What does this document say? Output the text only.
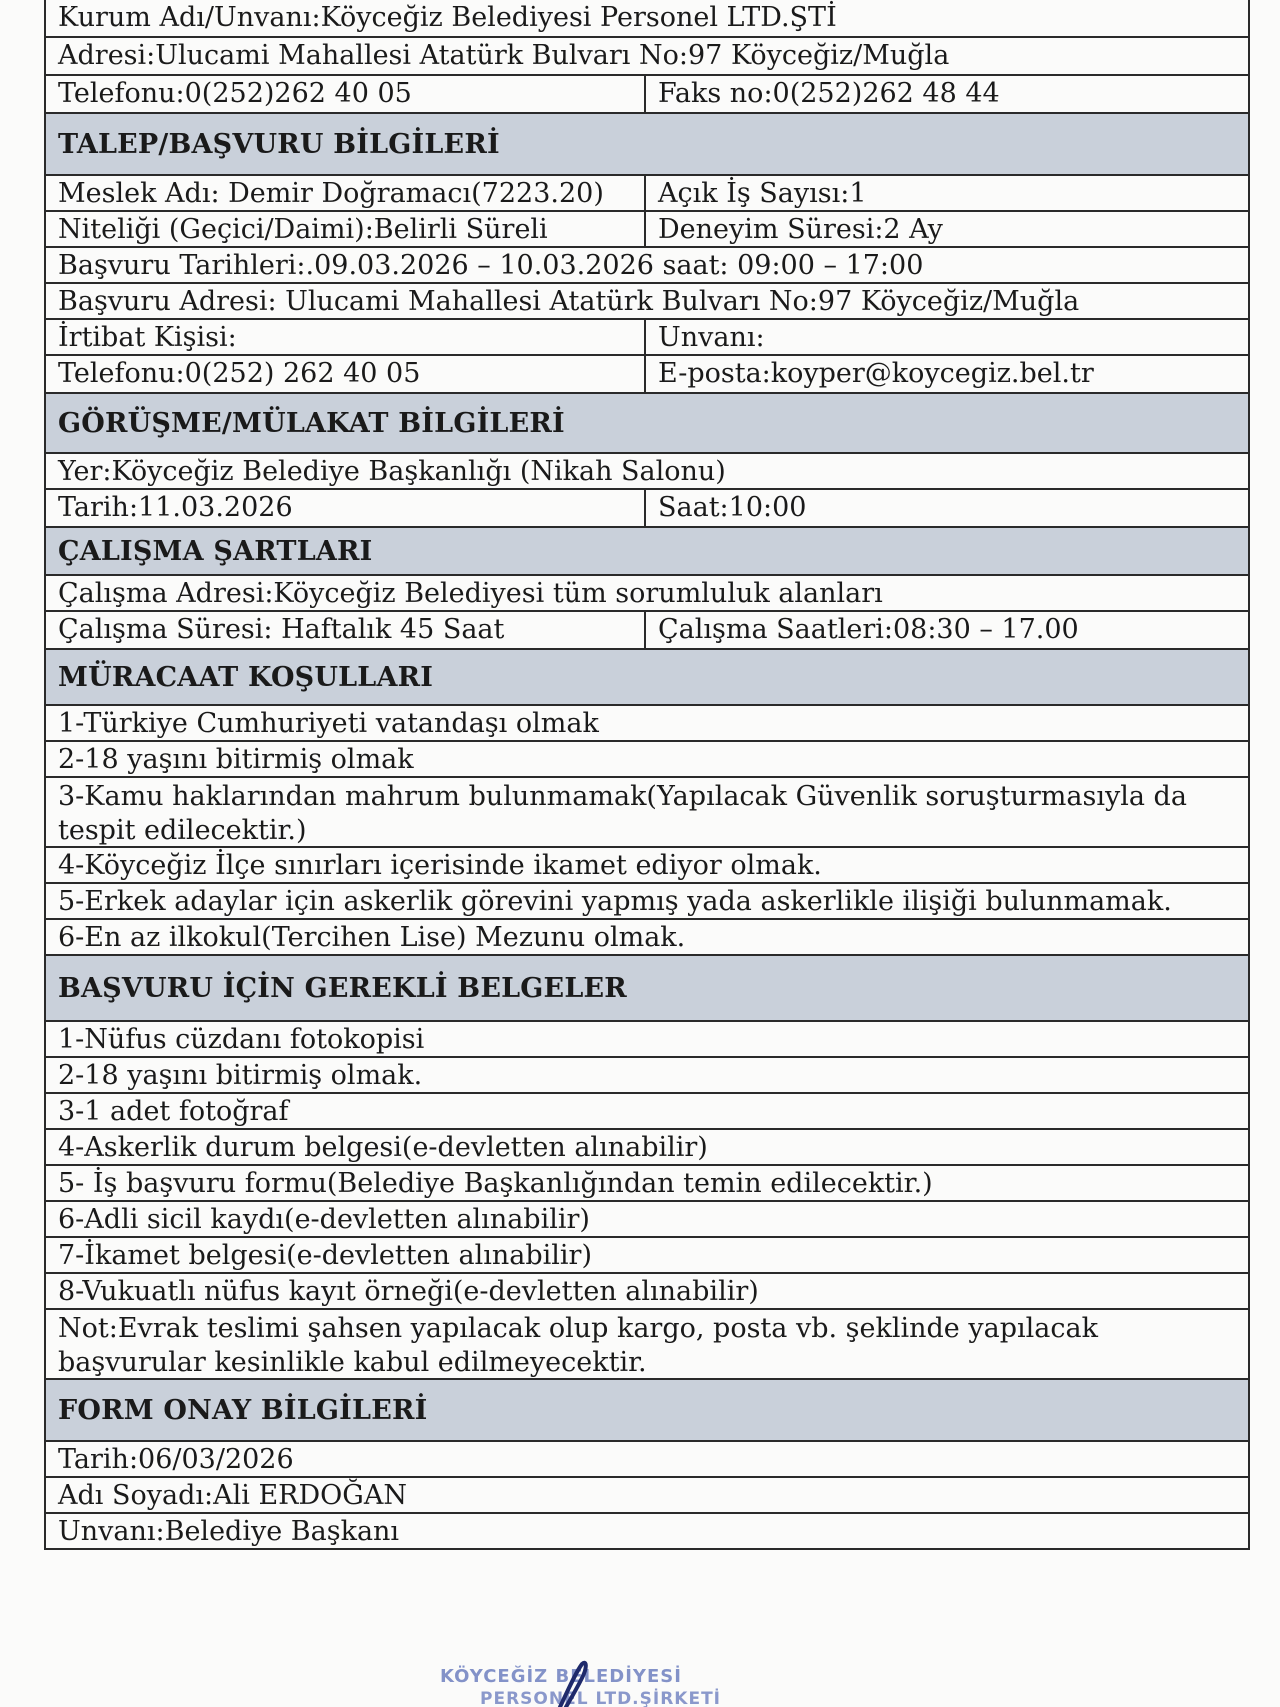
Kurum Adı/Unvanı:Köyceğiz Belediyesi Personel LTD.ŞTİ
Adresi:Ulucami Mahallesi Atatürk Bulvarı No:97 Köyceğiz/Muğla
Telefonu:0(252)262 40 05	Faks no:0(252)262 48 44
TALEP/BAŞVURU BİLGİLERİ
Meslek Adı: Demir Doğramacı(7223.20)	Açık İş Sayısı:1
Niteliği (Geçici/Daimi):Belirli Süreli	Deneyim Süresi:2 Ay
Başvuru Tarihleri:.09.03.2026 – 10.03.2026 saat: 09:00 – 17:00
Başvuru Adresi: Ulucami Mahallesi Atatürk Bulvarı No:97 Köyceğiz/Muğla
İrtibat Kişisi:	Unvanı:
Telefonu:0(252) 262 40 05	E-posta:koyper@koycegiz.bel.tr
GÖRÜŞME/MÜLAKAT BİLGİLERİ
Yer:Köyceğiz Belediye Başkanlığı (Nikah Salonu)
Tarih:11.03.2026	Saat:10:00
ÇALIŞMA ŞARTLARI
Çalışma Adresi:Köyceğiz Belediyesi tüm sorumluluk alanları
Çalışma Süresi: Haftalık 45 Saat	Çalışma Saatleri:08:30 – 17.00
MÜRACAAT KOŞULLARI
1-Türkiye Cumhuriyeti vatandaşı olmak
2-18 yaşını bitirmiş olmak
3-Kamu haklarından mahrum bulunmamak(Yapılacak Güvenlik soruşturmasıyla da tespit edilecektir.)
4-Köyceğiz İlçe sınırları içerisinde ikamet ediyor olmak.
5-Erkek adaylar için askerlik görevini yapmış yada askerlikle ilişiği bulunmamak.
6-En az ilkokul(Tercihen Lise) Mezunu olmak.
BAŞVURU İÇİN GEREKLİ BELGELER
1-Nüfus cüzdanı fotokopisi
2-18 yaşını bitirmiş olmak.
3-1 adet fotoğraf
4-Askerlik durum belgesi(e-devletten alınabilir)
5- İş başvuru formu(Belediye Başkanlığından temin edilecektir.)
6-Adli sicil kaydı(e-devletten alınabilir)
7-İkamet belgesi(e-devletten alınabilir)
8-Vukuatlı nüfus kayıt örneği(e-devletten alınabilir)
Not:Evrak teslimi şahsen yapılacak olup kargo, posta vb. şeklinde yapılacak başvurular kesinlikle kabul edilmeyecektir.
FORM ONAY BİLGİLERİ
Tarih:06/03/2026
Adı Soyadı:Ali ERDOĞAN
Unvanı:Belediye Başkanı
KÖYCEĞİZ BELEDİYESİ
PERSONEL LTD.ŞİRKETİ
